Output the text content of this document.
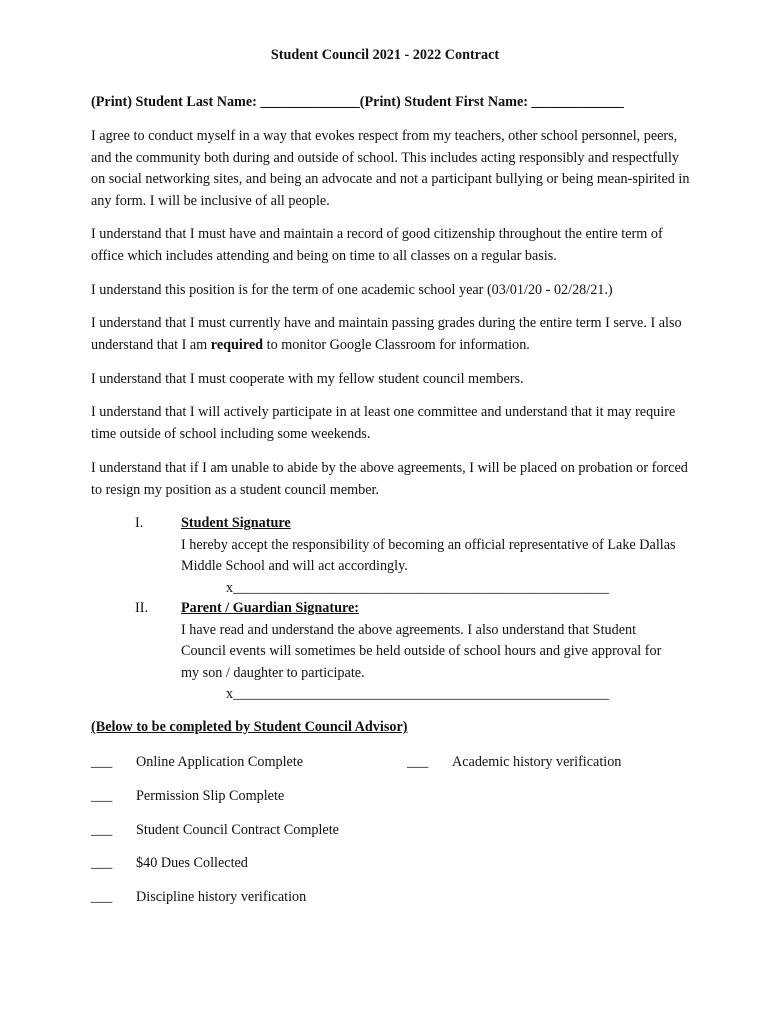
Student Council 2021 - 2022 Contract
(Print) Student Last Name: ______________(Print) Student First Name: _____________

I agree to conduct myself in a way that evokes respect from my teachers, other school personnel, peers, and the community both during and outside of school. This includes acting responsibly and respectfully on social networking sites, and being an advocate and not a participant bullying or being mean-spirited in any form. I will be inclusive of all people.

I understand that I must have and maintain a record of good citizenship throughout the entire term of office which includes attending and being on time to all classes on a regular basis.

I understand this position is for the term of one academic school year (03/01/20 - 02/28/21.)

I understand that I must currently have and maintain passing grades during the entire term I serve. I also understand that I am required to monitor Google Classroom for information.

I understand that I must cooperate with my fellow student council members.

I understand that I will actively participate in at least one committee and understand that it may require time outside of school including some weekends.

I understand that if I am unable to abide by the above agreements, I will be placed on probation or forced to resign my position as a student council member.

I.	Student Signature
I hereby accept the responsibility of becoming an official representative of Lake Dallas Middle School and will act accordingly.
x_____________________________________________________
II. Parent / Guardian Signature:
I have read and understand the above agreements. I also understand that Student Council events will sometimes be held outside of school hours and give approval for my son / daughter to participate.
x_____________________________________________________
(Below to be completed by Student Council Advisor)
___ Online Application Complete	___ Academic history verification
___ Permission Slip Complete
___ Student Council Contract Complete
___ $40 Dues Collected
___ Discipline history verification
